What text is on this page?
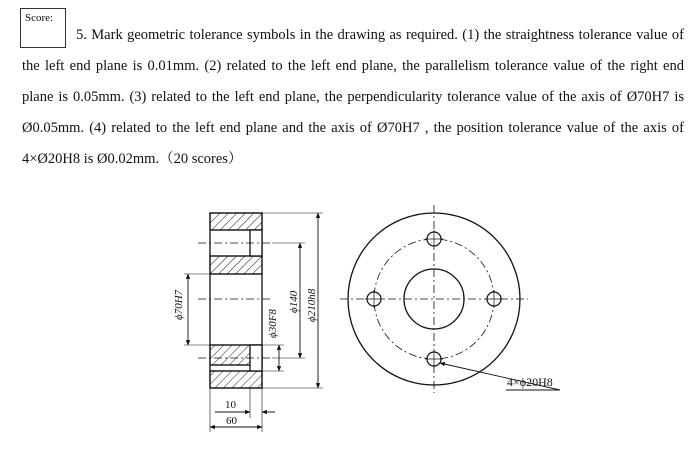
Score:
5. Mark geometric tolerance symbols in the drawing as required. (1) the straightness tolerance value of the left end plane is 0.01mm. (2) related to the left end plane, the parallelism tolerance value of the right end plane is 0.05mm. (3) related to the left end plane, the perpendicularity tolerance value of the axis of Ø70H7 is Ø0.05mm. (4) related to the left end plane and the axis of Ø70H7 , the position tolerance value of the axis of 4×Ø20H8 is Ø0.02mm.（20 scores）
ϕ70H7
ϕ30F8
ϕ140 ϕ210h8
10
60
4×ϕ20H8
